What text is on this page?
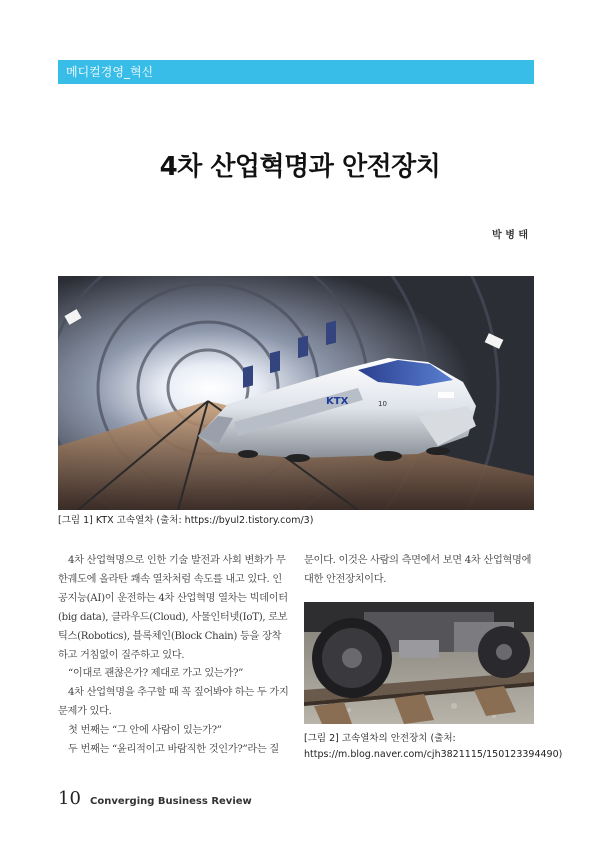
메디컬경영_혁신
4차 산업혁명과 안전장치
박 병 태
KTX	10
[그림 1] KTX 고속열차 (출처: https://byul2.tistory.com/3)

4차 산업혁명으로 인한 기술 발전과 사회 변화가 무한궤도에 올라탄 쾌속 열차처럼 속도를 내고 있다. 인공지능(AI)이 운전하는 4차 산업혁명 열차는 빅데이터(big data), 클라우드(Cloud), 사물인터넷(IoT), 로보틱스(Robotics), 블록체인(Block Chain) 등을 장착하고 거침없이 질주하고 있다.

“이대로 괜찮은가? 제대로 가고 있는가?”

4차 산업혁명을 추구할 때 꼭 짚어봐야 하는 두 가지 문제가 있다.

첫 번째는 “그 안에 사람이 있는가?”

두 번째는 “윤리적이고 바람직한 것인가?”라는 질

문이다. 이것은 사람의 측면에서 보면 4차 산업혁명에 대한 안전장치이다.

[그림 2] 고속열차의 안전장치 (출처: https://m.blog.naver.com/cjh3821115/150123394490)
10 Converging Business Review
